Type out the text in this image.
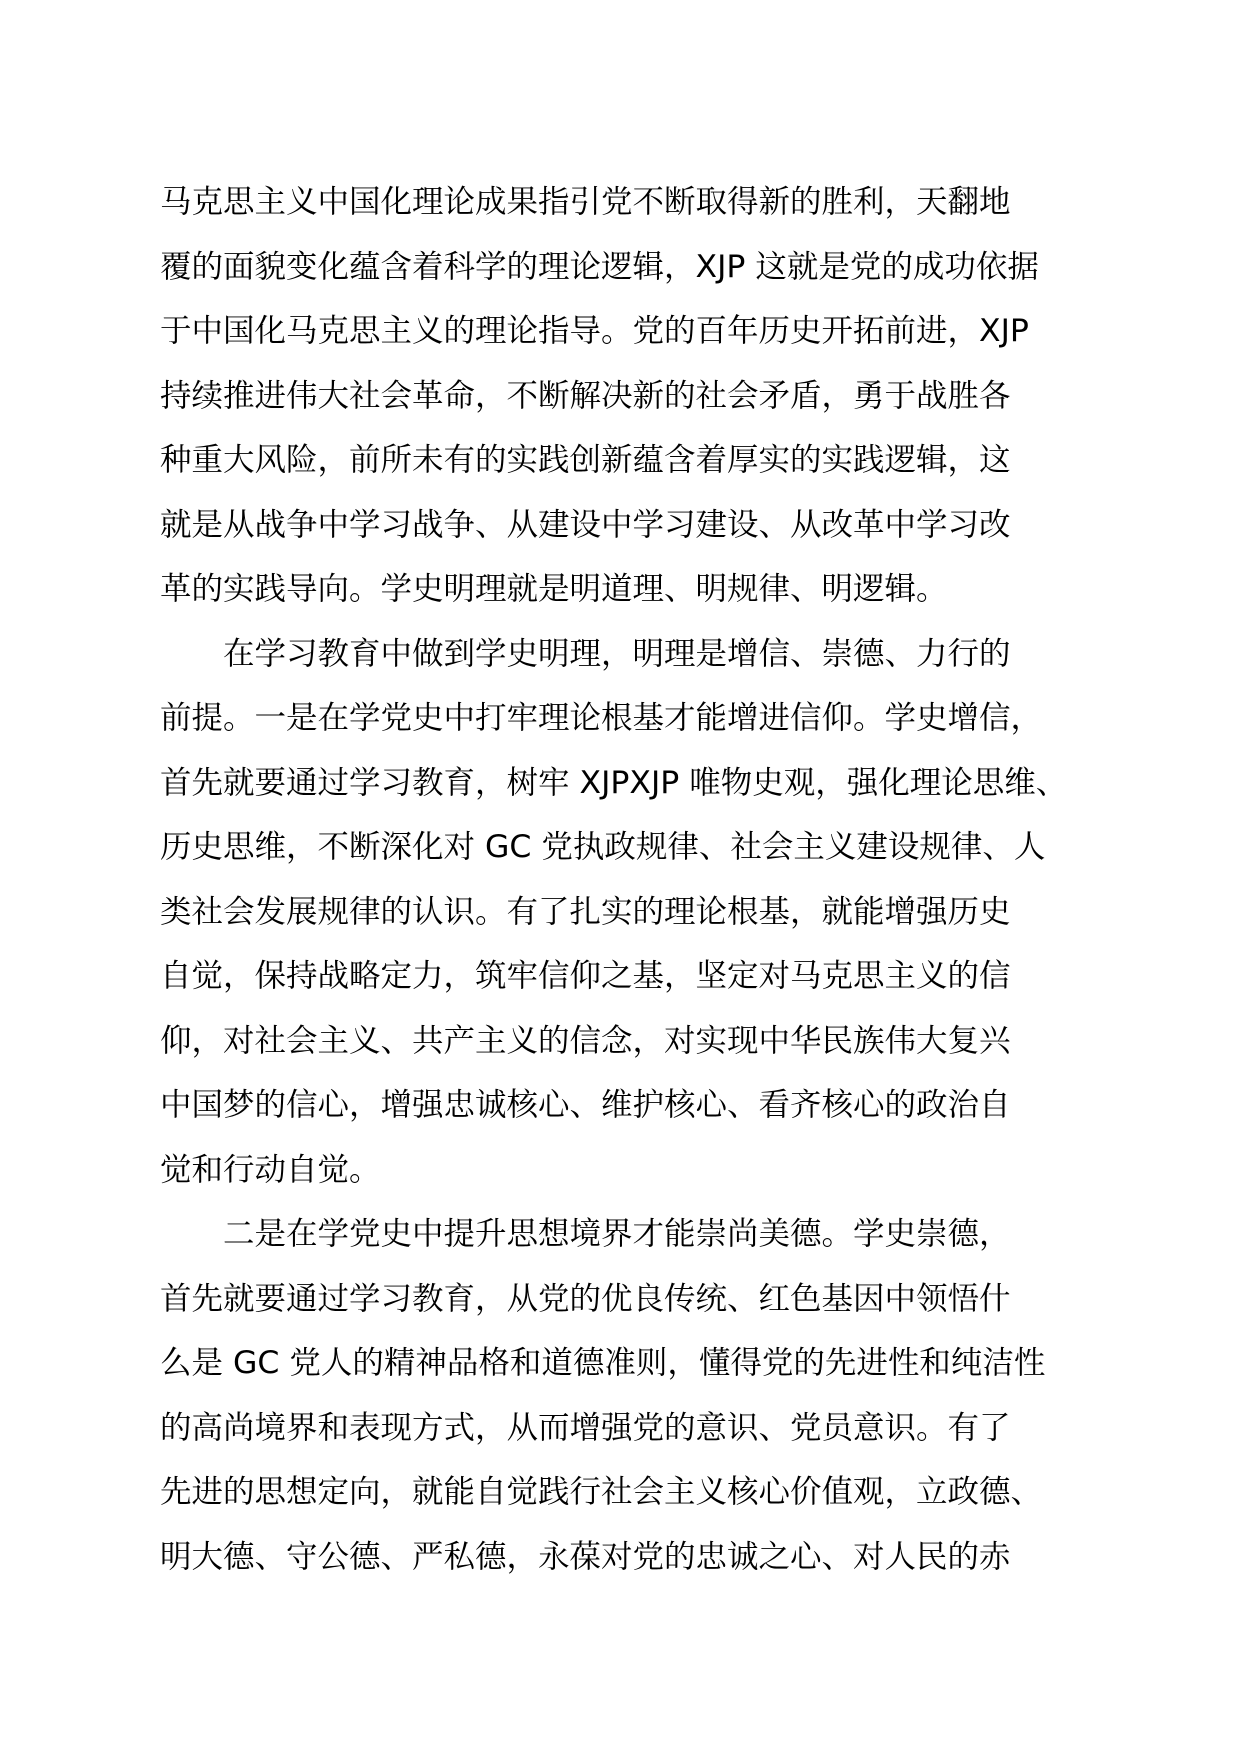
马克思主义中国化理论成果指引党不断取得新的胜利，天翻地
覆的面貌变化蕴含着科学的理论逻辑，XJP 这就是党的成功依据
于中国化马克思主义的理论指导。党的百年历史开拓前进，XJP
持续推进伟大社会革命，不断解决新的社会矛盾，勇于战胜各
种重大风险，前所未有的实践创新蕴含着厚实的实践逻辑，这
就是从战争中学习战争、从建设中学习建设、从改革中学习改
革的实践导向。学史明理就是明道理、明规律、明逻辑。
在学习教育中做到学史明理，明理是增信、崇德、力行的
前提。一是在学党史中打牢理论根基才能增进信仰。学史增信，
首先就要通过学习教育，树牢 XJPXJP 唯物史观，强化理论思维、
历史思维，不断深化对 GC 党执政规律、社会主义建设规律、人
类社会发展规律的认识。有了扎实的理论根基，就能增强历史
自觉，保持战略定力，筑牢信仰之基，坚定对马克思主义的信
仰，对社会主义、共产主义的信念，对实现中华民族伟大复兴
中国梦的信心，增强忠诚核心、维护核心、看齐核心的政治自
觉和行动自觉。
二是在学党史中提升思想境界才能崇尚美德。学史崇德，
首先就要通过学习教育，从党的优良传统、红色基因中领悟什
么是 GC 党人的精神品格和道德准则，懂得党的先进性和纯洁性
的高尚境界和表现方式，从而增强党的意识、党员意识。有了
先进的思想定向，就能自觉践行社会主义核心价值观，立政德、
明大德、守公德、严私德，永葆对党的忠诚之心、对人民的赤
